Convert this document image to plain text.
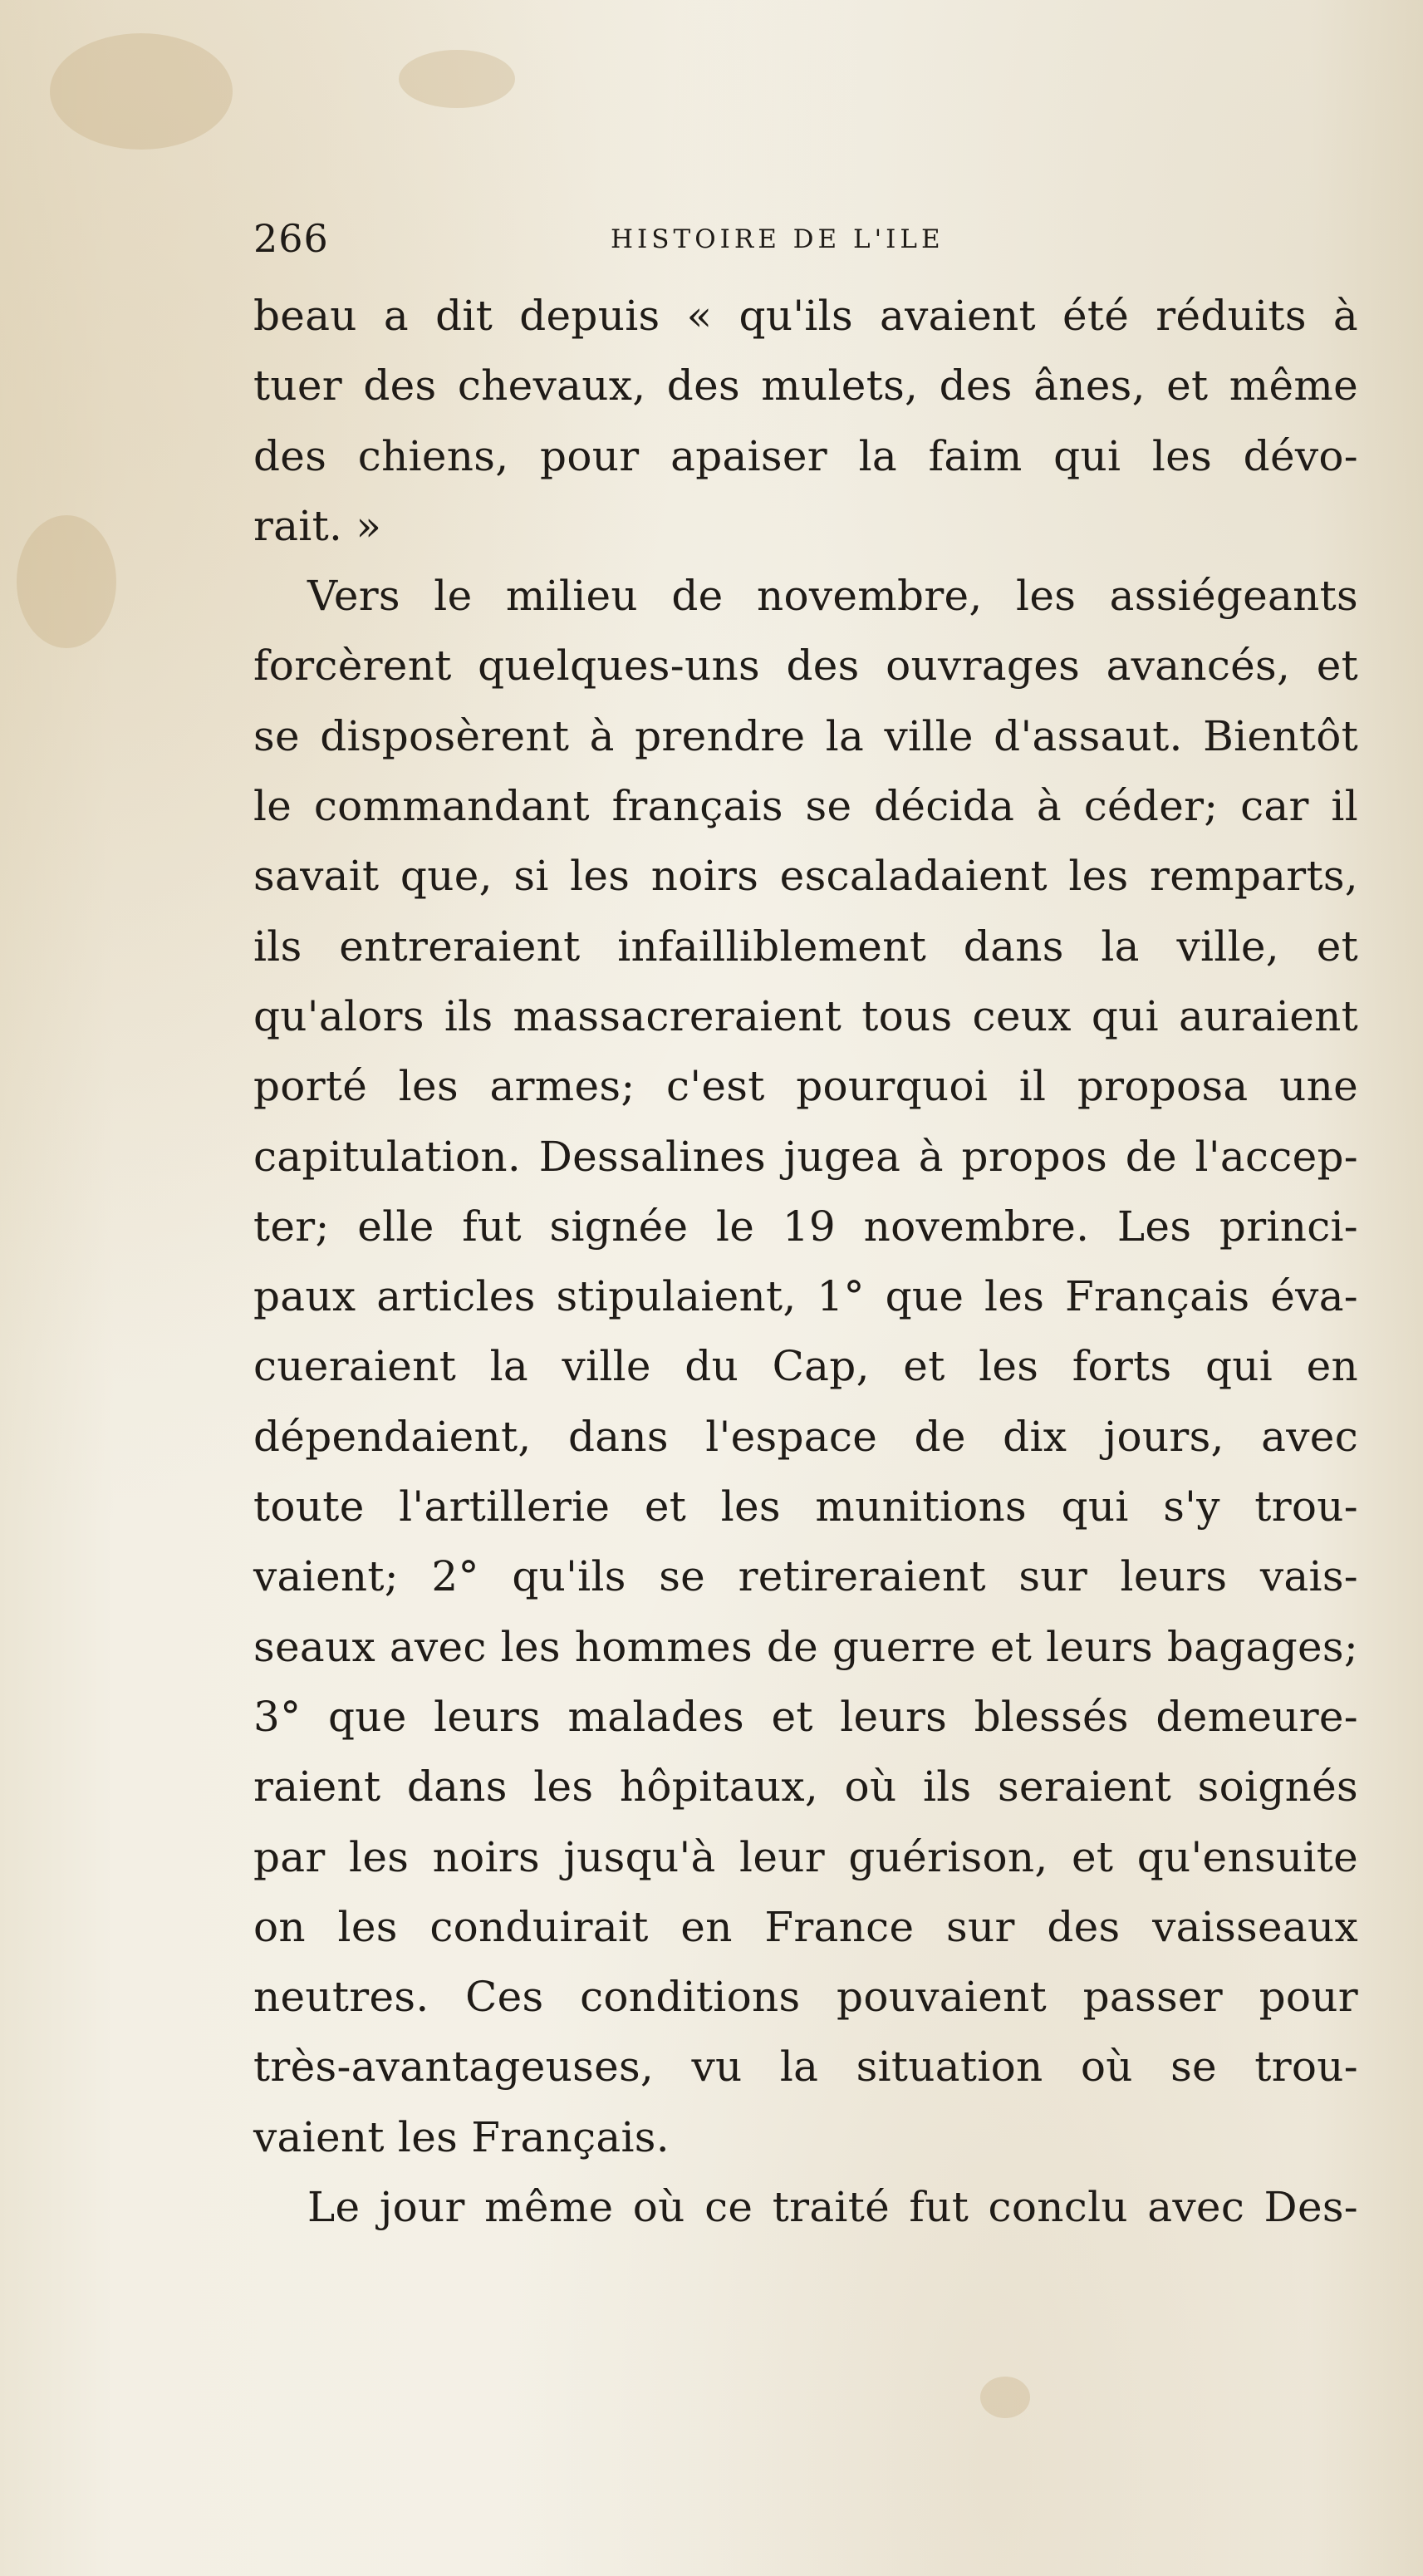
266	HISTOIRE DE L'ILE
beau a dit depuis « qu'ils avaient été réduits à
tuer des chevaux, des mulets, des ânes, et même
des chiens, pour apaiser la faim qui les dévo-
rait. »
Vers le milieu de novembre, les assiégeants
forcèrent quelques-uns des ouvrages avancés, et
se disposèrent à prendre la ville d'assaut. Bientôt
le commandant français se décida à céder; car il
savait que, si les noirs escaladaient les remparts,
ils entreraient infailliblement dans la ville, et
qu'alors ils massacreraient tous ceux qui auraient
porté les armes; c'est pourquoi il proposa une
capitulation. Dessalines jugea à propos de l'accep-
ter; elle fut signée le 19 novembre. Les princi-
paux articles stipulaient, 1° que les Français éva-
cueraient la ville du Cap, et les forts qui en
dépendaient, dans l'espace de dix jours, avec
toute l'artillerie et les munitions qui s'y trou-
vaient; 2° qu'ils se retireraient sur leurs vais-
seaux avec les hommes de guerre et leurs bagages;
3° que leurs malades et leurs blessés demeure-
raient dans les hôpitaux, où ils seraient soignés
par les noirs jusqu'à leur guérison, et qu'ensuite
on les conduirait en France sur des vaisseaux
neutres. Ces conditions pouvaient passer pour
très-avantageuses, vu la situation où se trou-
vaient les Français.
Le jour même où ce traité fut conclu avec Des-
